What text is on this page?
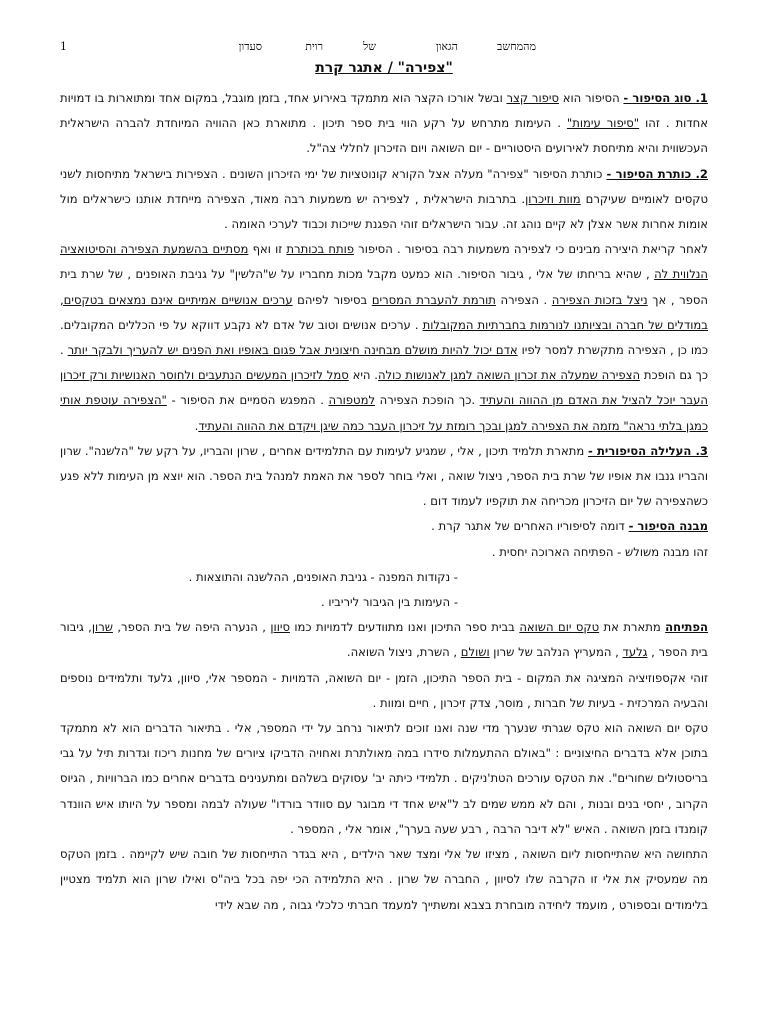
מהמחשב
הגאון
של
רוית
סעדון
1
"צפירה" / אתגר קרת

1. סוג הסיפור - הסיפור הוא סיפור קצר ובשל אורכו הקצר הוא מתמקד באירוע אחד, בזמן מוגבל, במקום אחד ומתוארות בו דמויות אחדות . זהו "סיפור עימות" . העימות מתרחש על רקע הווי בית ספר תיכון . מתוארת כאן ההוויה המיוחדת להברה הישראלית העכשווית והיא מתיחסת לאירועים היסטוריים - יום השואה ויום הזיכרון לחללי צה"ל.

2. כותרת הסיפור - כותרת הסיפור "צפירה" מעלה אצל הקורא קונוטציות של ימי הזיכרון השונים . הצפירות בישראל מתיחסות לשני טקסים לאומיים שעיקרם מוות וזיכרון. בתרבות הישראלית , לצפירה יש משמעות רבה מאוד, הצפירה מייחדת אותנו כישראלים מול אומות אחרות אשר אצלן לא קיים נוהג זה. עבור הישראלים זוהי הפגנת שייכות וכבוד לערכי האומה .

לאחר קריאת היצירה מבינים כי לצפירה משמעות רבה בסיפור . הסיפור פותח בכותרת זו ואף מסתיים בהשמעת הצפירה והסיטואציה הנלווית לה , שהיא בריחתו של אלי , גיבור הסיפור. הוא כמעט מקבל מכות מחבריו על ש"הלשין" על גניבת האופנים , של שרת בית הספר , אך ניצל בזכות הצפירה . הצפירה תורמת להעברת המסרים בסיפור לפיהם ערכים אנושיים אמיתיים אינם נמצאים בטקסים, במודלים של חברה ובציותנו לנורמות בחברתיות המקובלות . ערכים אנושים וטוב של אדם לא נקבע דווקא על פי הכללים המקובלים. כמו כן , הצפירה מתקשרת למסר לפיו אדם יכול להיות מושלם מבחינה חיצונית אבל פגום באופיו ואת הפנים יש להעריך ולבקר יותר . כך גם הופכת הצפירה שמעלה את זכרון השואה למגן לאנושות כולה. היא סמל לזיכרון המעשים הנתעבים ולחוסר האנושיות ורק זיכרון העבר יוכל להציל את האדם מן ההווה והעתיד .כך הופכת הצפירה למטפורה . המפגש הסמיים את הסיפור - "הצפירה עוטפת אותי כמגן בלתי נראה" מזמה את הצפירה למגן ובכך רומזת על זיכרון העבר כמה שיגן ויקדם את ההווה והעתיד.

3. העלילה הסיפורית - מתארת תלמיד תיכון , אלי , שמגיע לעימות עם התלמידים אחרים , שרון והבריו, על רקע של "הלשנה". שרון והבריו גנבו את אופיו של שרת בית הספר, ניצול שואה , ואלי בוחר לספר את האמת למנהל בית הספר. הוא יוצא מן העימות ללא פגע כשהצפירה של יום הזיכרון מכריחה את תוקפיו לעמוד דום .

מבנה הסיפור - דומה לסיפוריו האחרים של אתגר קרת .

זהו מבנה משולש - הפתיחה הארוכה יחסית .

- נקודות המפנה - גניבת האופנים, ההלשנה והתוצאות .

- העימות בין הגיבור ליריביו .

הפתיחה מתארת את טקס יום השואה בבית ספר התיכון ואנו מתוודעים לדמויות כמו סיוון , הנערה היפה של בית הספר, שרון, גיבור בית הספר , גלעד , המעריץ הנלהב של שרון ושולם , השרת, ניצול השואה.

זוהי אקספוזיציה המציגה את המקום - בית הספר התיכון, הזמן - יום השואה, הדמויות - המספר אלי, סיוון, גלעד ותלמידים נוספים והבעיה המרכזית - בעיות של חברות , מוסר, צדק זיכרון , חיים ומוות .

טקס יום השואה הוא טקס שגרתי שנערך מדי שנה ואנו זוכים לתיאור נרחב על ידי המספר, אלי . בתיאור הדברים הוא לא מתמקד בתוכן אלא בדברים החיצוניים : "באולם ההתעמלות סידרו במה מאולתרת ואחויה הדביקו ציורים של מחנות ריכוז וגדרות תיל על גבי בריסטולים שחורים". את הטקס עורכים הטת'ניקים . תלמידי כיתה יב' עסוקים בשלהם ומתענינים בדברים אחרים כמו הברוויות , הגיוס הקרוב , יחסי בנים ובנות , והם לא ממש שמים לב ל"איש אחד די מבוגר עם סוודר בורדו" שעולה לבמה ומספר על היותו איש הוונדר קומנדו בזמן השואה . האיש "לא דיבר הרבה , רבע שעה בערך", אומר אלי , המספר .

התחושה היא שהתייחסות ליום השואה , מציזו של אלי ומצד שאר הילדים , היא בגדר התייחסות של חובה שיש לקיימה . בזמן הטקס מה שמעסיק את אלי זו הקרבה שלו לסיוון , החברה של שרון . היא התלמידה הכי יפה בכל ביה"ס ואילו שרון הוא תלמיד מצטיין בלימודים ובספורט , מועמד ליחידה מובחרת בצבא ומשתייך למעמד חברתי כלכלי גבוה , מה שבא לידי
